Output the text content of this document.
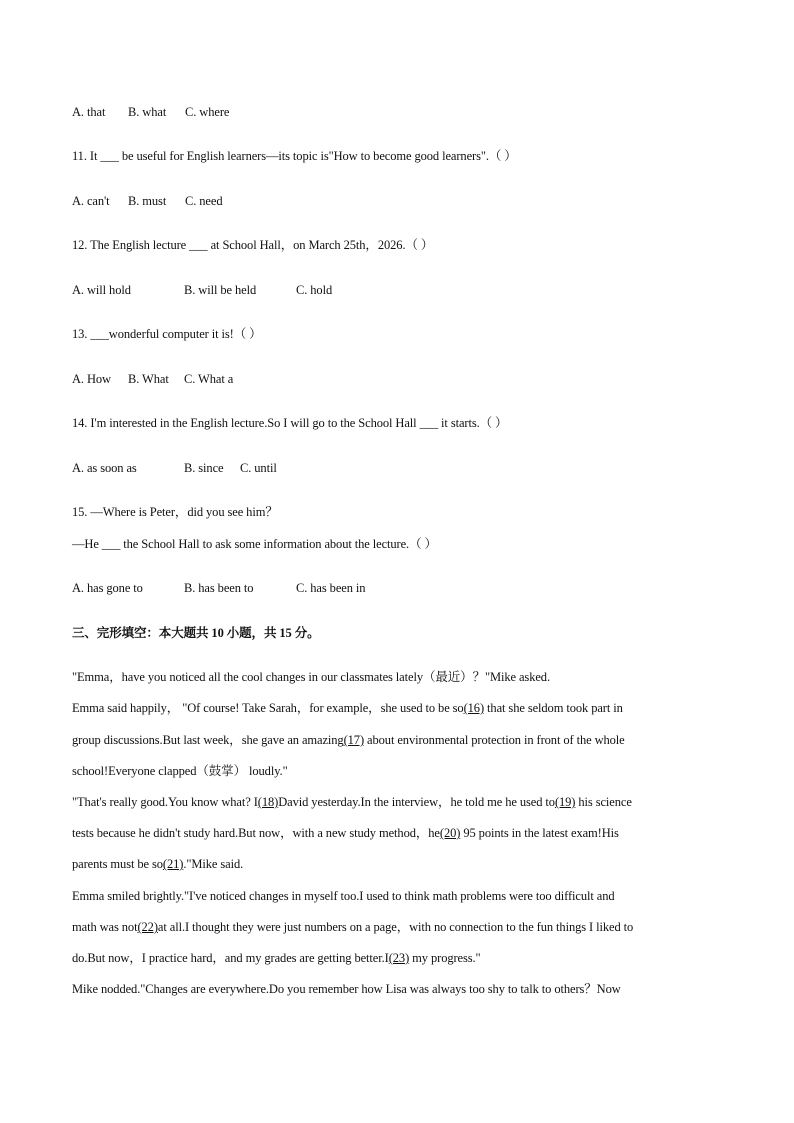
A. that B. what C. where
11. It ___ be useful for English learners—its topic is"How to become good learners".（ ）
A. can't B. must C. need
12. The English lecture ___ at School Hall，on March 25th，2026.（ ）
A. will hold	B. will be held	C. hold
13. ___wonderful computer it is!（ ）
A. How B. What C. What a
14. I'm interested in the English lecture.So I will go to the School Hall ___ it starts.（ ）
A. as soon as	B. since C. until
15. —Where is Peter，did you see him？
—He ___ the School Hall to ask some information about the lecture.（ ）
A. has gone to	B. has been to	C. has been in
三、完形填空：本大题共 10 小题，共 15 分。
"Emma，have you noticed all the cool changes in our classmates lately（最近）？"Mike asked.
Emma said happily， "Of course! Take Sarah，for example，she used to be so(16) that she seldom took part in
group discussions.But last week，she gave an amazing(17) about environmental protection in front of the whole
school!Everyone clapped（鼓掌） loudly."
"That's really good.You know what? I(18)David yesterday.In the interview，he told me he used to(19) his science
tests because he didn't study hard.But now，with a new study method，he(20) 95 points in the latest exam!His
parents must be so(21)."Mike said.
Emma smiled brightly."I've noticed changes in myself too.I used to think math problems were too difficult and
math was not(22)at all.I thought they were just numbers on a page，with no connection to the fun things I liked to
do.But now，I practice hard，and my grades are getting better.I(23) my progress."
Mike nodded."Changes are everywhere.Do you remember how Lisa was always too shy to talk to others？Now
